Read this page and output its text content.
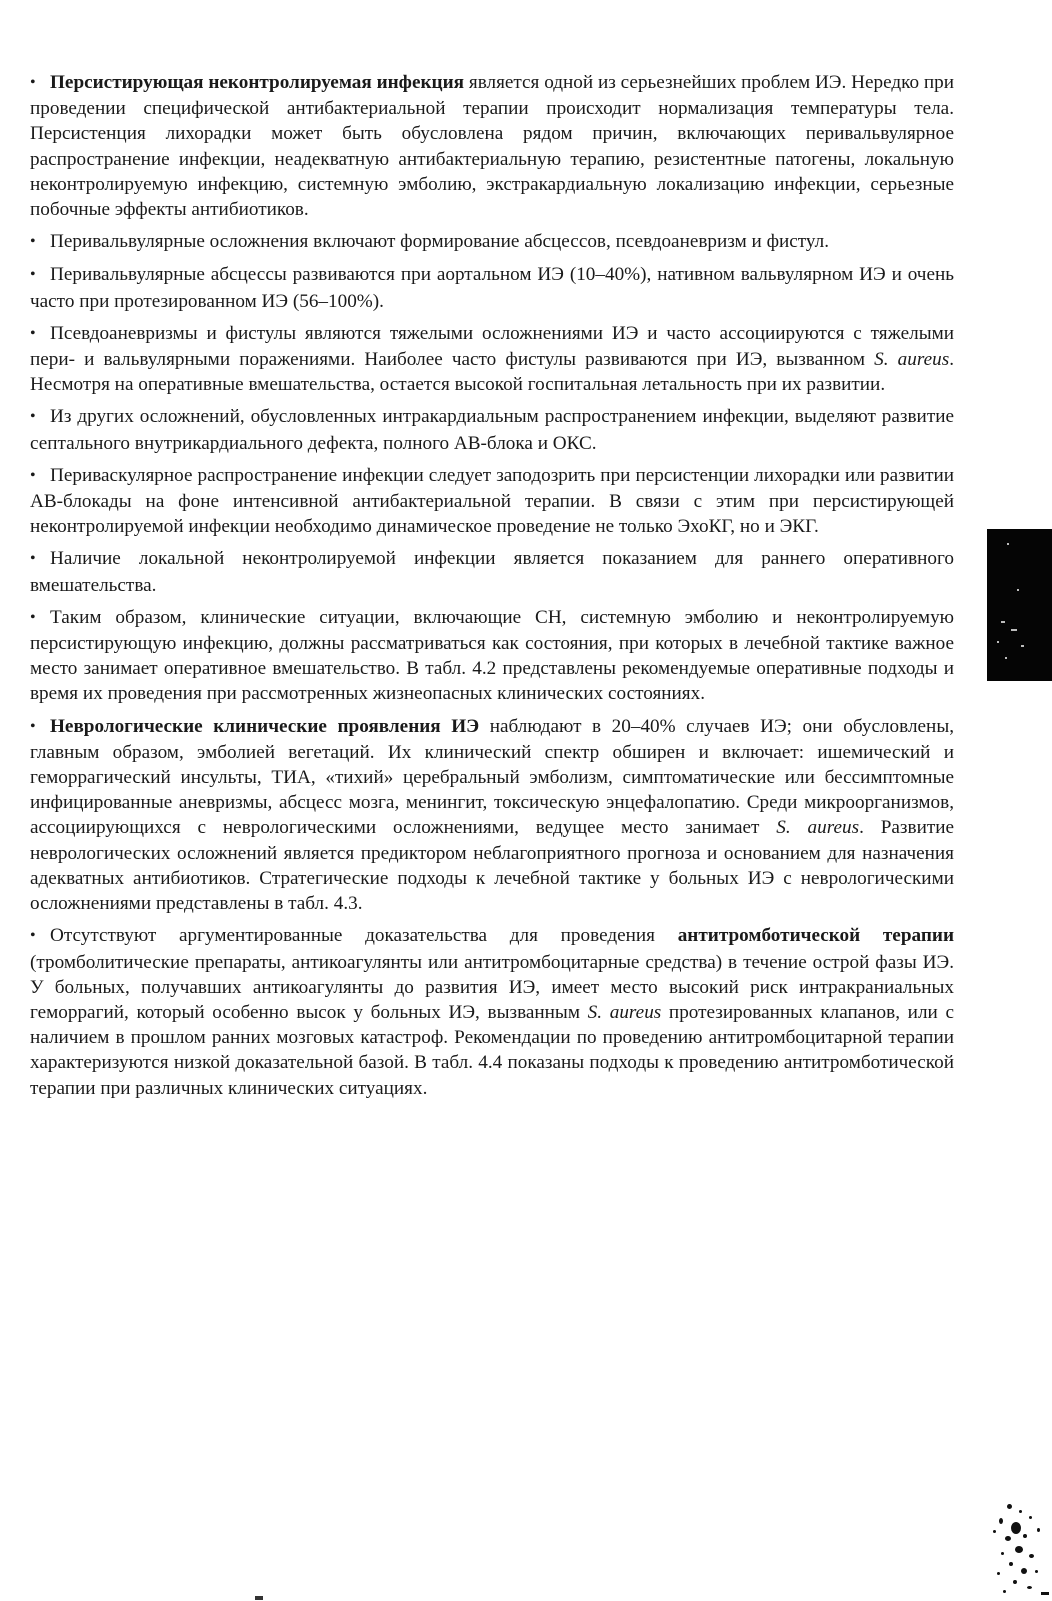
•Персистирующая неконтролируемая инфекция является одной из серьезнейших проблем ИЭ. Нередко при проведении специфической антибактериальной терапии происходит нормализация температуры тела. Персистенция лихорадки может быть обусловлена рядом причин, включающих перивальвулярное распространение инфекции, неадекватную антибактериальную терапию, резистентные патогены, локальную неконтролируемую инфекцию, системную эмболию, экстракардиальную локализацию инфекции, серьезные побочные эффекты антибиотиков.

•Перивальвулярные осложнения включают формирование абсцессов, псевдоаневризм и фистул.

•Перивальвулярные абсцессы развиваются при аортальном ИЭ (10–40%), нативном вальвулярном ИЭ и очень часто при протезированном ИЭ (56–100%).

•Псевдоаневризмы и фистулы являются тяжелыми осложнениями ИЭ и часто ассоциируются с тяжелыми пери- и вальвулярными поражениями. Наиболее часто фистулы развиваются при ИЭ, вызванном S. aureus. Несмотря на оперативные вмешательства, остается высокой госпитальная летальность при их развитии.

•Из других осложнений, обусловленных интракардиальным распространением инфекции, выделяют развитие септального внутрикардиального дефекта, полного АВ-блока и ОКС.

•Периваскулярное распространение инфекции следует заподозрить при персистенции лихорадки или развитии АВ-блокады на фоне интенсивной антибактериальной терапии. В связи с этим при персистирующей неконтролируемой инфекции необходимо динамическое проведение не только ЭхоКГ, но и ЭКГ.

•Наличие локальной неконтролируемой инфекции является показанием для раннего оперативного вмешательства.

•Таким образом, клинические ситуации, включающие СН, системную эмболию и неконтролируемую персистирующую инфекцию, должны рассматриваться как состояния, при которых в лечебной тактике важное место занимает оперативное вмешательство. В табл. 4.2 представлены рекомендуемые оперативные подходы и время их проведения при рассмотренных жизнеопасных клинических состояниях.

•Неврологические клинические проявления ИЭ наблюдают в 20–40% случаев ИЭ; они обусловлены, главным образом, эмболией вегетаций. Их клинический спектр обширен и включает: ишемический и геморрагический инсульты, ТИА, «тихий» церебральный эмболизм, симптоматические или бессимптомные инфицированные аневризмы, абсцесс мозга, менингит, токсическую энцефалопатию. Среди микроорганизмов, ассоциирующихся с неврологическими осложнениями, ведущее место занимает S. aureus. Развитие неврологических осложнений является предиктором неблагоприятного прогноза и основанием для назначения адекватных антибиотиков. Стратегические подходы к лечебной тактике у больных ИЭ с неврологическими осложнениями представлены в табл. 4.3.

•Отсутствуют аргументированные доказательства для проведения антитромботической терапии (тромболитические препараты, антикоагулянты или антитромбоцитарные средства) в течение острой фазы ИЭ. У больных, получавших антикоагулянты до развития ИЭ, имеет место высокий риск интракраниальных геморрагий, который особенно высок у больных ИЭ, вызванным S. aureus протезированных клапанов, или с наличием в прошлом ранних мозговых катастроф. Рекомендации по проведению антитромбоцитарной терапии характеризуются низкой доказательной базой. В табл. 4.4 показаны подходы к проведению антитромботической терапии при различных клинических ситуациях.
